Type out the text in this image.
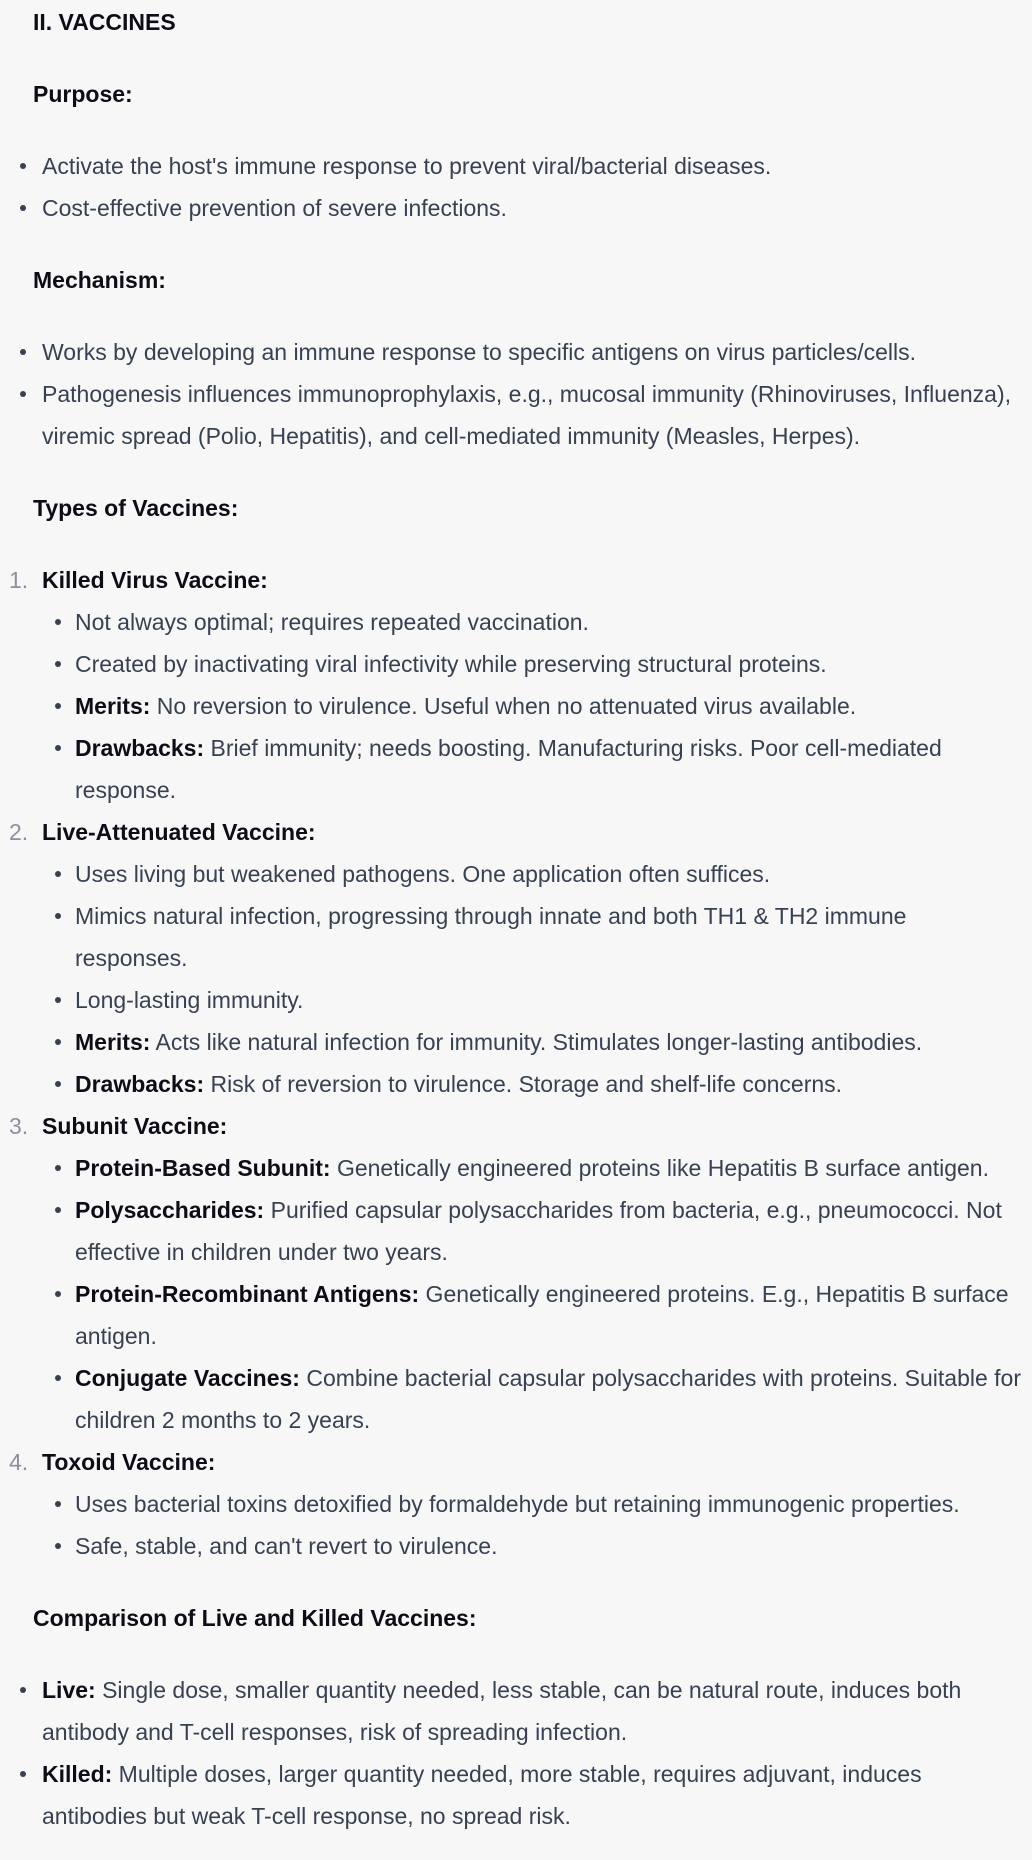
II. VACCINES
Purpose:
Activate the host's immune response to prevent viral/bacterial diseases.
Cost-effective prevention of severe infections.
Mechanism:
Works by developing an immune response to specific antigens on virus particles/cells.
Pathogenesis influences immunoprophylaxis, e.g., mucosal immunity (Rhinoviruses, Influenza), viremic spread (Polio, Hepatitis), and cell-mediated immunity (Measles, Herpes).
Types of Vaccines:
1. Killed Virus Vaccine:
Not always optimal; requires repeated vaccination.
Created by inactivating viral infectivity while preserving structural proteins.
Merits: No reversion to virulence. Useful when no attenuated virus available.
Drawbacks: Brief immunity; needs boosting. Manufacturing risks. Poor cell-mediated response.
2. Live-Attenuated Vaccine:
Uses living but weakened pathogens. One application often suffices.
Mimics natural infection, progressing through innate and both TH1 & TH2 immune responses.
Long-lasting immunity.
Merits: Acts like natural infection for immunity. Stimulates longer-lasting antibodies.
Drawbacks: Risk of reversion to virulence. Storage and shelf-life concerns.
3. Subunit Vaccine:
Protein-Based Subunit: Genetically engineered proteins like Hepatitis B surface antigen.
Polysaccharides: Purified capsular polysaccharides from bacteria, e.g., pneumococci. Not effective in children under two years.
Protein-Recombinant Antigens: Genetically engineered proteins. E.g., Hepatitis B surface antigen.
Conjugate Vaccines: Combine bacterial capsular polysaccharides with proteins. Suitable for children 2 months to 2 years.
4. Toxoid Vaccine:
Uses bacterial toxins detoxified by formaldehyde but retaining immunogenic properties.
Safe, stable, and can't revert to virulence.
Comparison of Live and Killed Vaccines:
Live: Single dose, smaller quantity needed, less stable, can be natural route, induces both antibody and T-cell responses, risk of spreading infection.
Killed: Multiple doses, larger quantity needed, more stable, requires adjuvant, induces antibodies but weak T-cell response, no spread risk.
